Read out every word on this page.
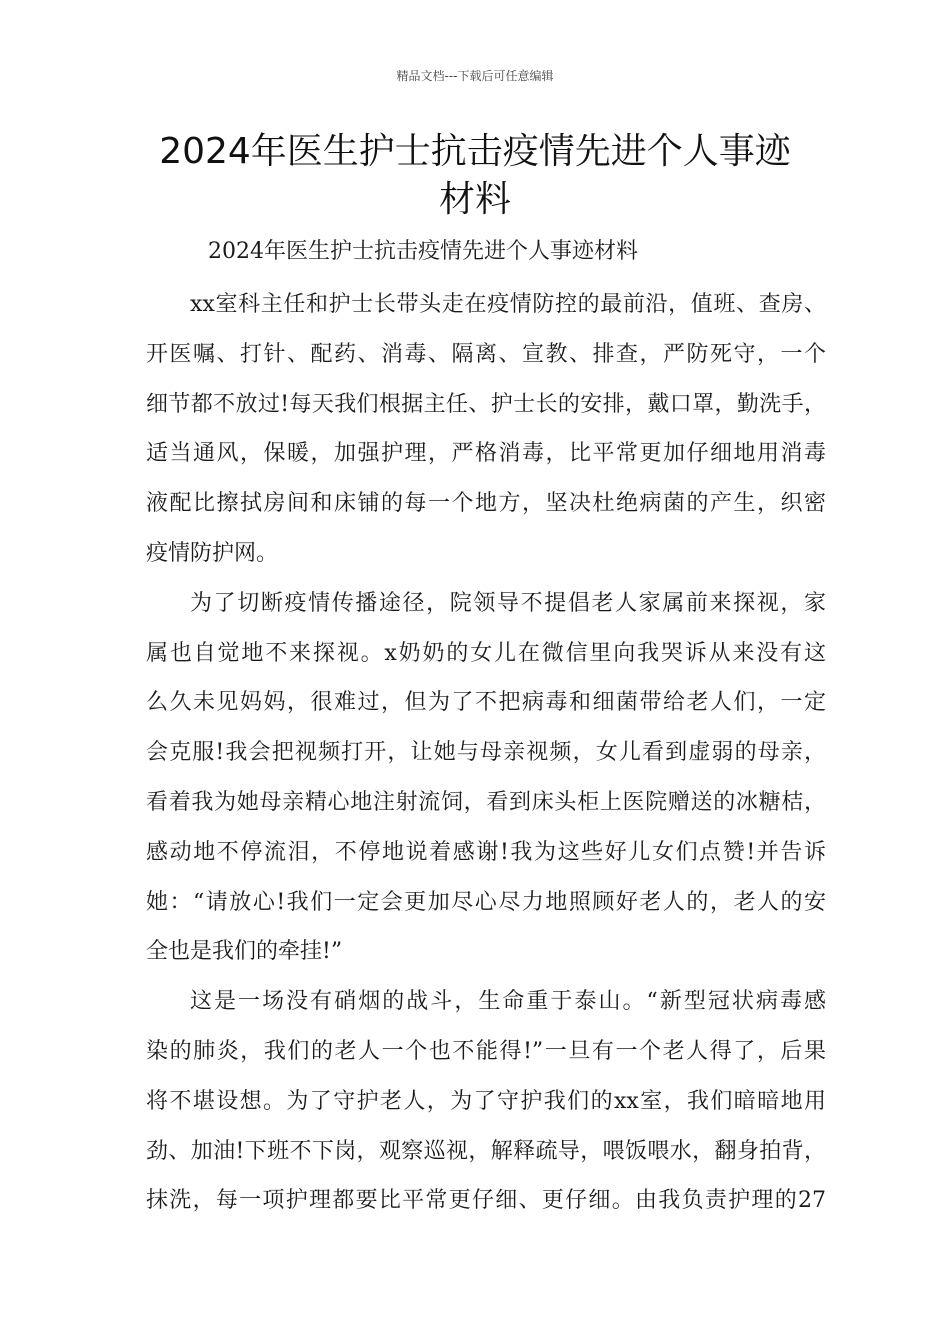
精品文档---下载后可任意编辑
2024年医生护士抗击疫情先进个人事迹
材料
2024年医生护士抗击疫情先进个人事迹材料
xx室科主任和护士长带头走在疫情防控的最前沿，值班、查房、
开医嘱、打针、配药、消毒、隔离、宣教、排查，严防死守，一个
细节都不放过!每天我们根据主任、护士长的安排，戴口罩，勤洗手，
适当通风，保暖，加强护理，严格消毒，比平常更加仔细地用消毒
液配比擦拭房间和床铺的每一个地方，坚决杜绝病菌的产生，织密
疫情防护网。
为了切断疫情传播途径，院领导不提倡老人家属前来探视，家
属也自觉地不来探视。x奶奶的女儿在微信里向我哭诉从来没有这
么久未见妈妈，很难过，但为了不把病毒和细菌带给老人们，一定
会克服!我会把视频打开，让她与母亲视频，女儿看到虚弱的母亲，
看着我为她母亲精心地注射流饲，看到床头柜上医院赠送的冰糖桔，
感动地不停流泪，不停地说着感谢!我为这些好儿女们点赞!并告诉
她：“请放心!我们一定会更加尽心尽力地照顾好老人的，老人的安
全也是我们的牵挂!”
这是一场没有硝烟的战斗，生命重于泰山。“新型冠状病毒感
染的肺炎，我们的老人一个也不能得!”一旦有一个老人得了，后果
将不堪设想。为了守护老人，为了守护我们的xx室，我们暗暗地用
劲、加油!下班不下岗，观察巡视，解释疏导，喂饭喂水，翻身拍背，
抹洗，每一项护理都要比平常更仔细、更仔细。由我负责护理的27
